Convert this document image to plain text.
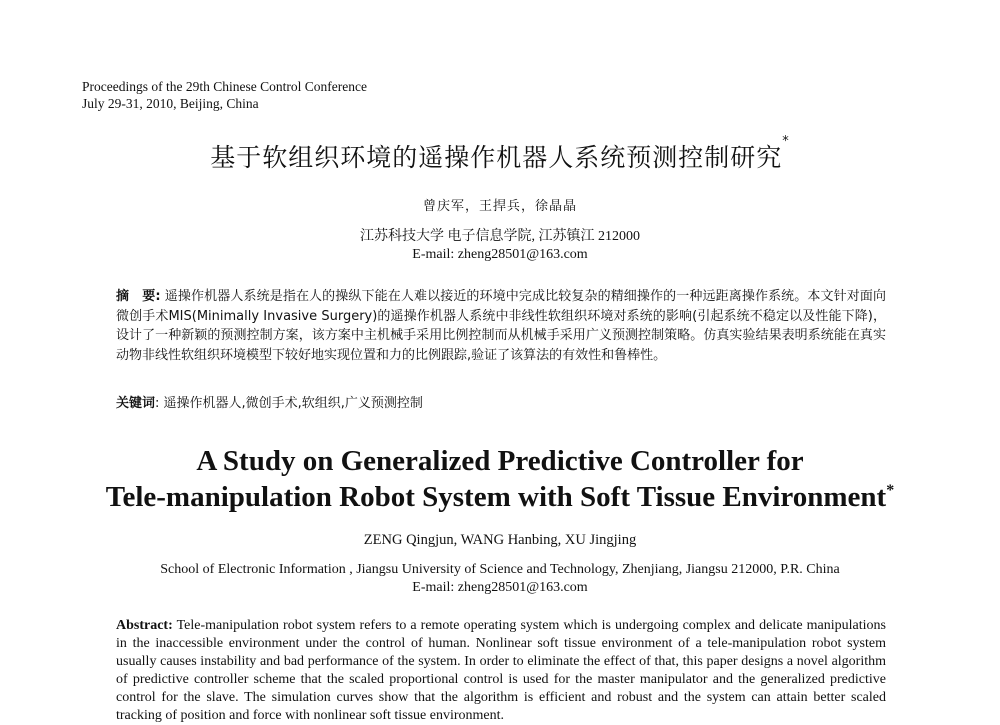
Proceedings of the 29th Chinese Control Conference
July 29-31, 2010, Beijing, China
基于软组织环境的遥操作机器人系统预测控制研究*
曾庆军，王捍兵，徐晶晶
江苏科技大学 电子信息学院, 江苏镇江 212000
E-mail: zheng28501@163.com
摘　要: 遥操作机器人系统是指在人的操纵下能在人难以接近的环境中完成比较复杂的精细操作的一种远距离操作系统。本文针对面向微创手术MIS(Minimally Invasive Surgery)的遥操作机器人系统中非线性软组织环境对系统的影响(引起系统不稳定以及性能下降)，设计了一种新颖的预测控制方案，该方案中主机械手采用比例控制而从机械手采用广义预测控制策略。仿真实验结果表明系统能在真实动物非线性软组织环境模型下较好地实现位置和力的比例跟踪,验证了该算法的有效性和鲁棒性。
关键词: 遥操作机器人,微创手术,软组织,广义预测控制
A Study on Generalized Predictive Controller for
Tele-manipulation Robot System with Soft Tissue Environment*
ZENG Qingjun, WANG Hanbing, XU Jingjing
School of Electronic Information , Jiangsu University of Science and Technology, Zhenjiang, Jiangsu 212000, P.R. China
E-mail: zheng28501@163.com
Abstract: Tele-manipulation robot system refers to a remote operating system which is undergoing complex and delicate manipulations in the inaccessible environment under the control of human. Nonlinear soft tissue environment of a tele-manipulation robot system usually causes instability and bad performance of the system. In order to eliminate the effect of that, this paper designs a novel algorithm of predictive controller scheme that the scaled proportional control is used for the master manipulator and the generalized predictive control for the slave. The simulation curves show that the algorithm is efficient and robust and the system can attain better scaled tracking of position and force with nonlinear soft tissue environment.
